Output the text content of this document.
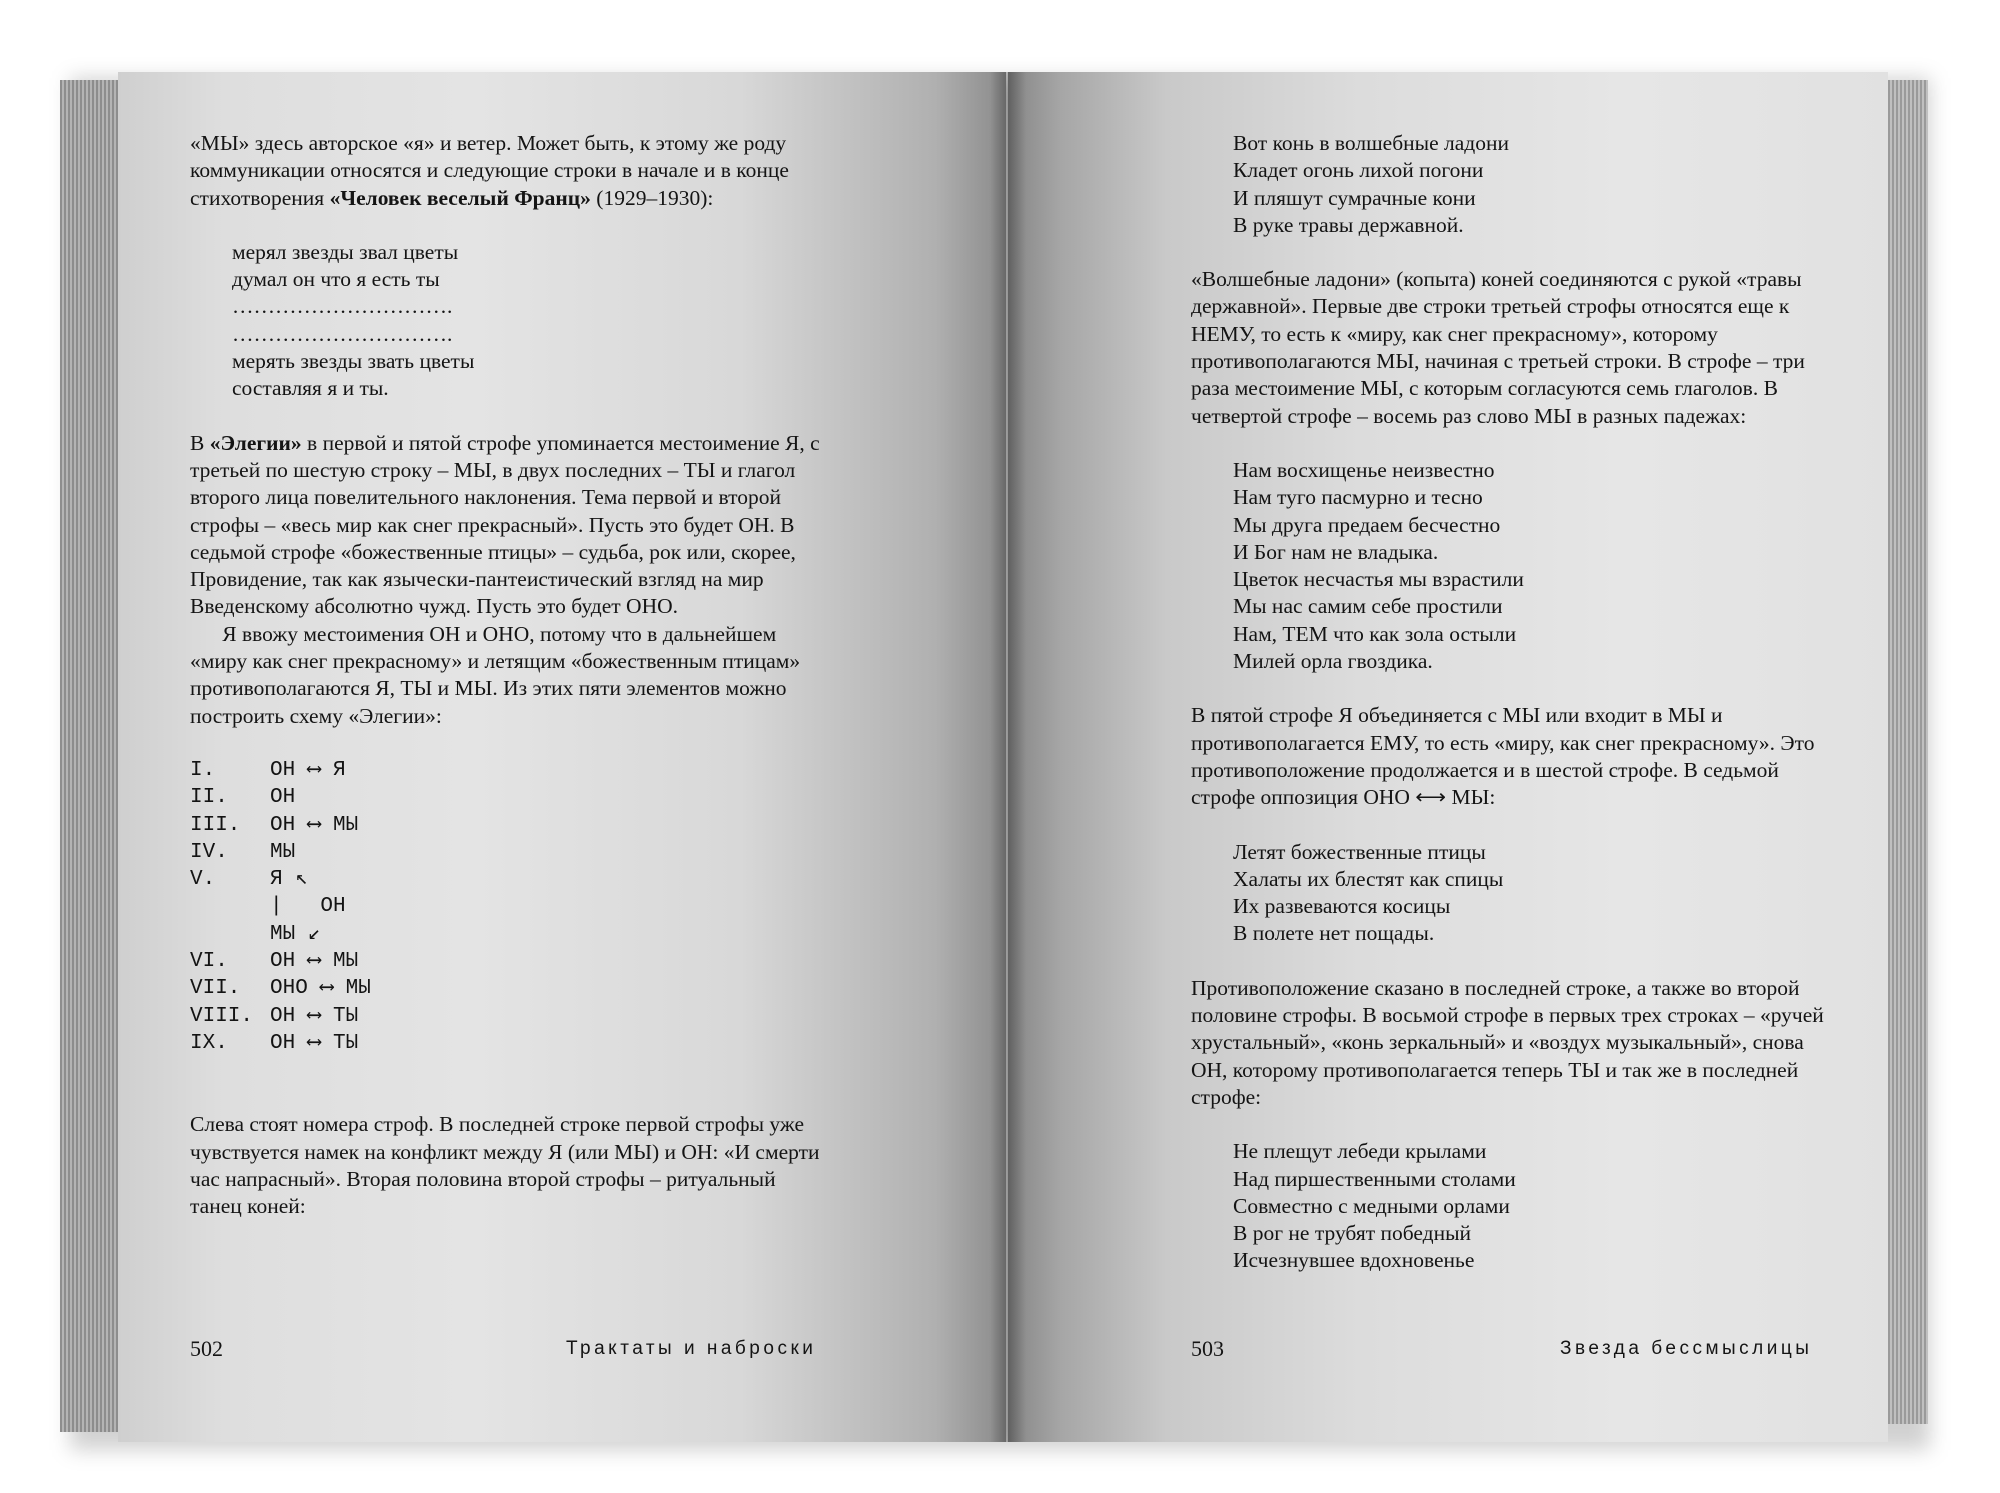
«МЫ» здесь авторское «я» и ветер. Может быть, к этому же роду коммуникации относятся и следующие строки в начале и в конце стихотворения «Человек веселый Франц» (1929–1930):

мерял звезды звал цветы
думал он что я есть ты
………………………….
………………………….
мерять звезды звать цветы
составляя я и ты.

В «Элегии» в первой и пятой строфе упоминается местоимение Я, с третьей по шестую строку – МЫ, в двух последних – ТЫ и глагол второго лица повелительного наклонения. Тема первой и второй строфы – «весь мир как снег прекрасный». Пусть это будет ОН. В седьмой строфе «божественные птицы» – судьба, рок или, скорее, Провидение, так как язычески-пантеистический взгляд на мир Введенскому абсолютно чужд. Пусть это будет ОНО.

Я ввожу местоимения ОН и ОНО, потому что в дальнейшем «миру как снег прекрасному» и летящим «божественным птицам» противополагаются Я, ТЫ и МЫ. Из этих пяти элементов можно построить схему «Элегии»:

I.	ОН ⟷ Я
II.	ОН
III.	ОН ⟷ МЫ
IV.	МЫ
V.	Я ↖
|   ОН
МЫ ↙
VI.	ОН ⟷ МЫ
VII.	ОНО ⟷ МЫ
VIII. ОН ⟷ ТЫ
IX.	ОН ⟷ ТЫ

Слева стоят номера строф. В последней строке первой строфы уже чувствуется намек на конфликт между Я (или МЫ) и ОН: «И смерти час напрасный». Вторая половина второй строфы – ритуальный танец коней:

502	Трактаты и наброски
Вот конь в волшебные ладони
Кладет огонь лихой погони
И пляшут сумрачные кони
В руке травы державной.

«Волшебные ладони» (копыта) коней соединяются с рукой «травы державной». Первые две строки третьей строфы относятся еще к НЕМУ, то есть к «миру, как снег прекрасному», которому противополагаются МЫ, начиная с третьей строки. В строфе – три раза местоимение МЫ, с которым согласуются семь глаголов. В четвертой строфе – восемь раз слово МЫ в разных падежах:

Нам восхищенье неизвестно
Нам туго пасмурно и тесно
Мы друга предаем бесчестно
И Бог нам не владыка.
Цветок несчастья мы взрастили
Мы нас самим себе простили
Нам, ТЕМ что как зола остыли
Милей орла гвоздика.

В пятой строфе Я объединяется с МЫ или входит в МЫ и противополагается ЕМУ, то есть «миру, как снег прекрасному». Это противоположение продолжается и в шестой строфе. В седьмой строфе оппозиция ОНО ⟷ МЫ:

Летят божественные птицы
Халаты их блестят как спицы
Их развеваются косицы
В полете нет пощады.

Противоположение сказано в последней строке, а также во второй половине строфы. В восьмой строфе в первых трех строках – «ручей хрустальный», «конь зеркальный» и «воздух музыкальный», снова ОН, которому противополагается теперь ТЫ и так же в последней строфе:

Не плещут лебеди крылами
Над пиршественными столами
Совместно с медными орлами
В рог не трубят победный
Исчезнувшее вдохновенье
503	Звезда бессмыслицы
